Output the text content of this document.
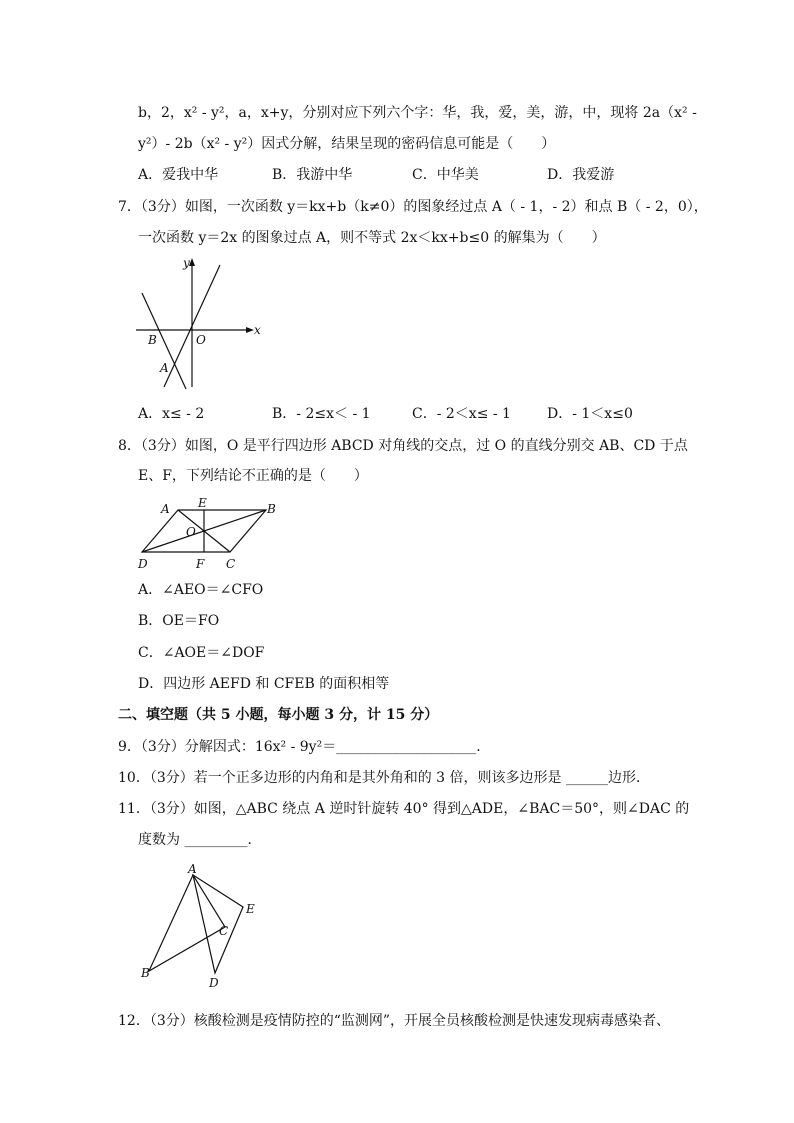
b，2，x² - y²，a，x+y，分别对应下列六个字：华，我，爱，美，游，中，现将 2a（x² -
y²）- 2b（x² - y²）因式分解，结果呈现的密码信息可能是（　　）
A．爱我中华	B．我游中华	C．中华美	D．我爱游
7．（3分）如图，一次函数 y＝kx+b（k≠0）的图象经过点 A（ - 1，- 2）和点 B（ - 2，0），
一次函数 y＝2x 的图象过点 A，则不等式 2x＜kx+b≤0 的解集为（　　）
y
x
B	O
A
A．x≤ - 2	B．- 2≤x＜ - 1	C．- 2＜x≤ - 1	D．- 1＜x≤0
8．（3分）如图，O 是平行四边形 ABCD 对角线的交点，过 O 的直线分别交 AB、CD 于点
E、F，下列结论不正确的是（　　）
A E	B
O
D	F C
A．∠AEO＝∠CFO
B．OE＝FO
C．∠AOE＝∠DOF
D．四边形 AEFD 和 CFEB 的面积相等
二、填空题（共 5 小题，每小题 3 分，计 15 分）
9．（3分）分解因式：16x² - 9y²＝____________________．
10．（3分）若一个正多边形的内角和是其外角和的 3 倍，则该多边形是 ______边形．
11．（3分）如图，△ABC 绕点 A 逆时针旋转 40° 得到△ADE，∠BAC＝50°，则∠DAC 的
度数为 _________．
A
E
C
B
D
12．（3分）核酸检测是疫情防控的“监测网”，开展全员核酸检测是快速发现病毒感染者、
